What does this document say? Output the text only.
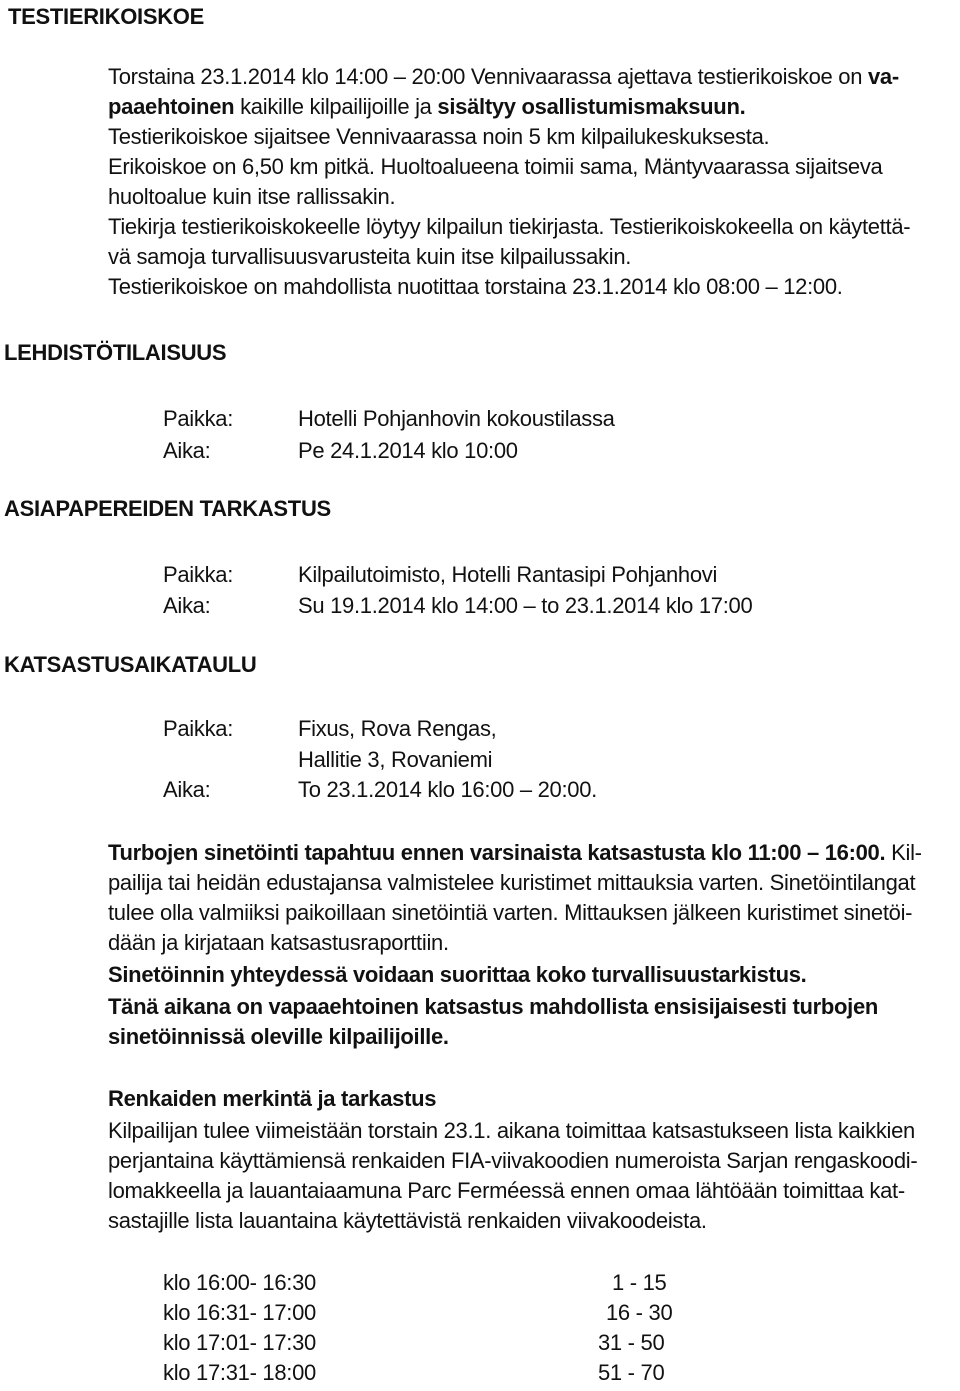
TESTIERIKOISKOE
Torstaina 23.1.2014 klo 14:00 – 20:00 Vennivaarassa ajettava testierikoiskoe on va-
paaehtoinen kaikille kilpailijoille ja sisältyy osallistumismaksuun.
Testierikoiskoe sijaitsee Vennivaarassa noin 5 km kilpailukeskuksesta.
Erikoiskoe on 6,50 km pitkä. Huoltoalueena toimii sama, Mäntyvaarassa sijaitseva
huoltoalue kuin itse rallissakin.
Tiekirja testierikoiskokeelle löytyy kilpailun tiekirjasta. Testierikoiskokeella on käytettä-
vä samoja turvallisuusvarusteita kuin itse kilpailussakin.
Testierikoiskoe on mahdollista nuotittaa torstaina 23.1.2014 klo 08:00 – 12:00.
LEHDISTÖTILAISUUS
Paikka:	Hotelli Pohjanhovin kokoustilassa
Aika:	Pe 24.1.2014 klo 10:00
ASIAPAPEREIDEN TARKASTUS
Paikka:	Kilpailutoimisto, Hotelli Rantasipi Pohjanhovi
Aika:	Su 19.1.2014 klo 14:00 – to 23.1.2014 klo 17:00
KATSASTUSAIKATAULU
Paikka:	Fixus, Rova Rengas,
Hallitie 3, Rovaniemi
Aika:	To 23.1.2014 klo 16:00 – 20:00.
Turbojen sinetöinti tapahtuu ennen varsinaista katsastusta klo 11:00 – 16:00. Kil-
pailija tai heidän edustajansa valmistelee kuristimet mittauksia varten. Sinetöintilangat
tulee olla valmiiksi paikoillaan sinetöintiä varten. Mittauksen jälkeen kuristimet sinetöi-
dään ja kirjataan katsastusraporttiin.
Sinetöinnin yhteydessä voidaan suorittaa koko turvallisuustarkistus.
Tänä aikana on vapaaehtoinen katsastus mahdollista ensisijaisesti turbojen
sinetöinnissä oleville kilpailijoille.
Renkaiden merkintä ja tarkastus
Kilpailijan tulee viimeistään torstain 23.1. aikana toimittaa katsastukseen lista kaikkien
perjantaina käyttämiensä renkaiden FIA-viivakoodien numeroista Sarjan rengaskoodi-
lomakkeella ja lauantaiaamuna Parc Ferméessä ennen omaa lähtöään toimittaa kat-
sastajille lista lauantaina käytettävistä renkaiden viivakoodeista.
klo 16:00- 16:30	1 - 15
klo 16:31- 17:00	16 - 30
klo 17:01- 17:30	31 - 50
klo 17:31- 18:00	51 - 70
